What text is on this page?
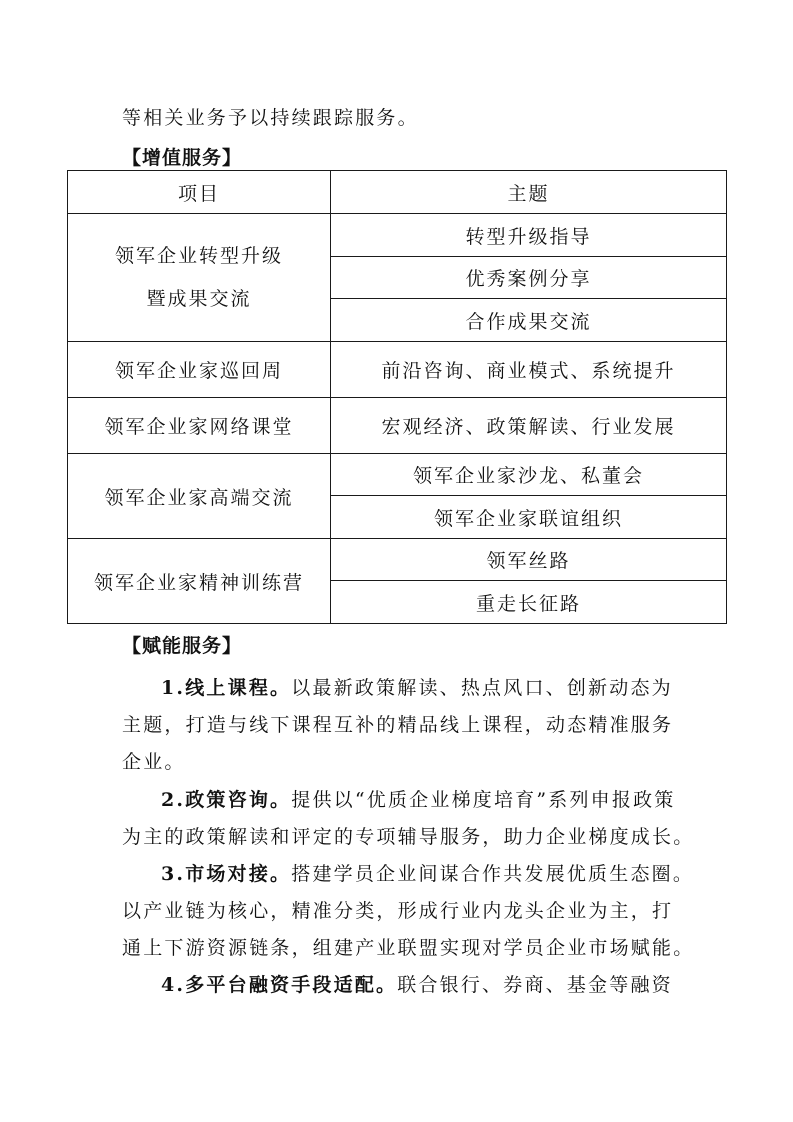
等相关业务予以持续跟踪服务。
【增值服务】
项目	主题

领军企业转型升级
暨成果交流	转型升级指导
	优秀案例分享
	合作成果交流
领军企业家巡回周	前沿咨询、商业模式、系统提升
领军企业家网络课堂	宏观经济、政策解读、行业发展
领军企业家高端交流	领军企业家沙龙、私董会
	领军企业家联谊组织
领军企业家精神训练营	领军丝路
	重走长征路
【赋能服务】
1.线上课程。以最新政策解读、热点风口、创新动态为
主题，打造与线下课程互补的精品线上课程，动态精准服务
企业。
2.政策咨询。提供以“优质企业梯度培育”系列申报政策
为主的政策解读和评定的专项辅导服务，助力企业梯度成长。
3.市场对接。搭建学员企业间谋合作共发展优质生态圈。
以产业链为核心，精准分类，形成行业内龙头企业为主，打
通上下游资源链条，组建产业联盟实现对学员企业市场赋能。
4.多平台融资手段适配。联合银行、券商、基金等融资
